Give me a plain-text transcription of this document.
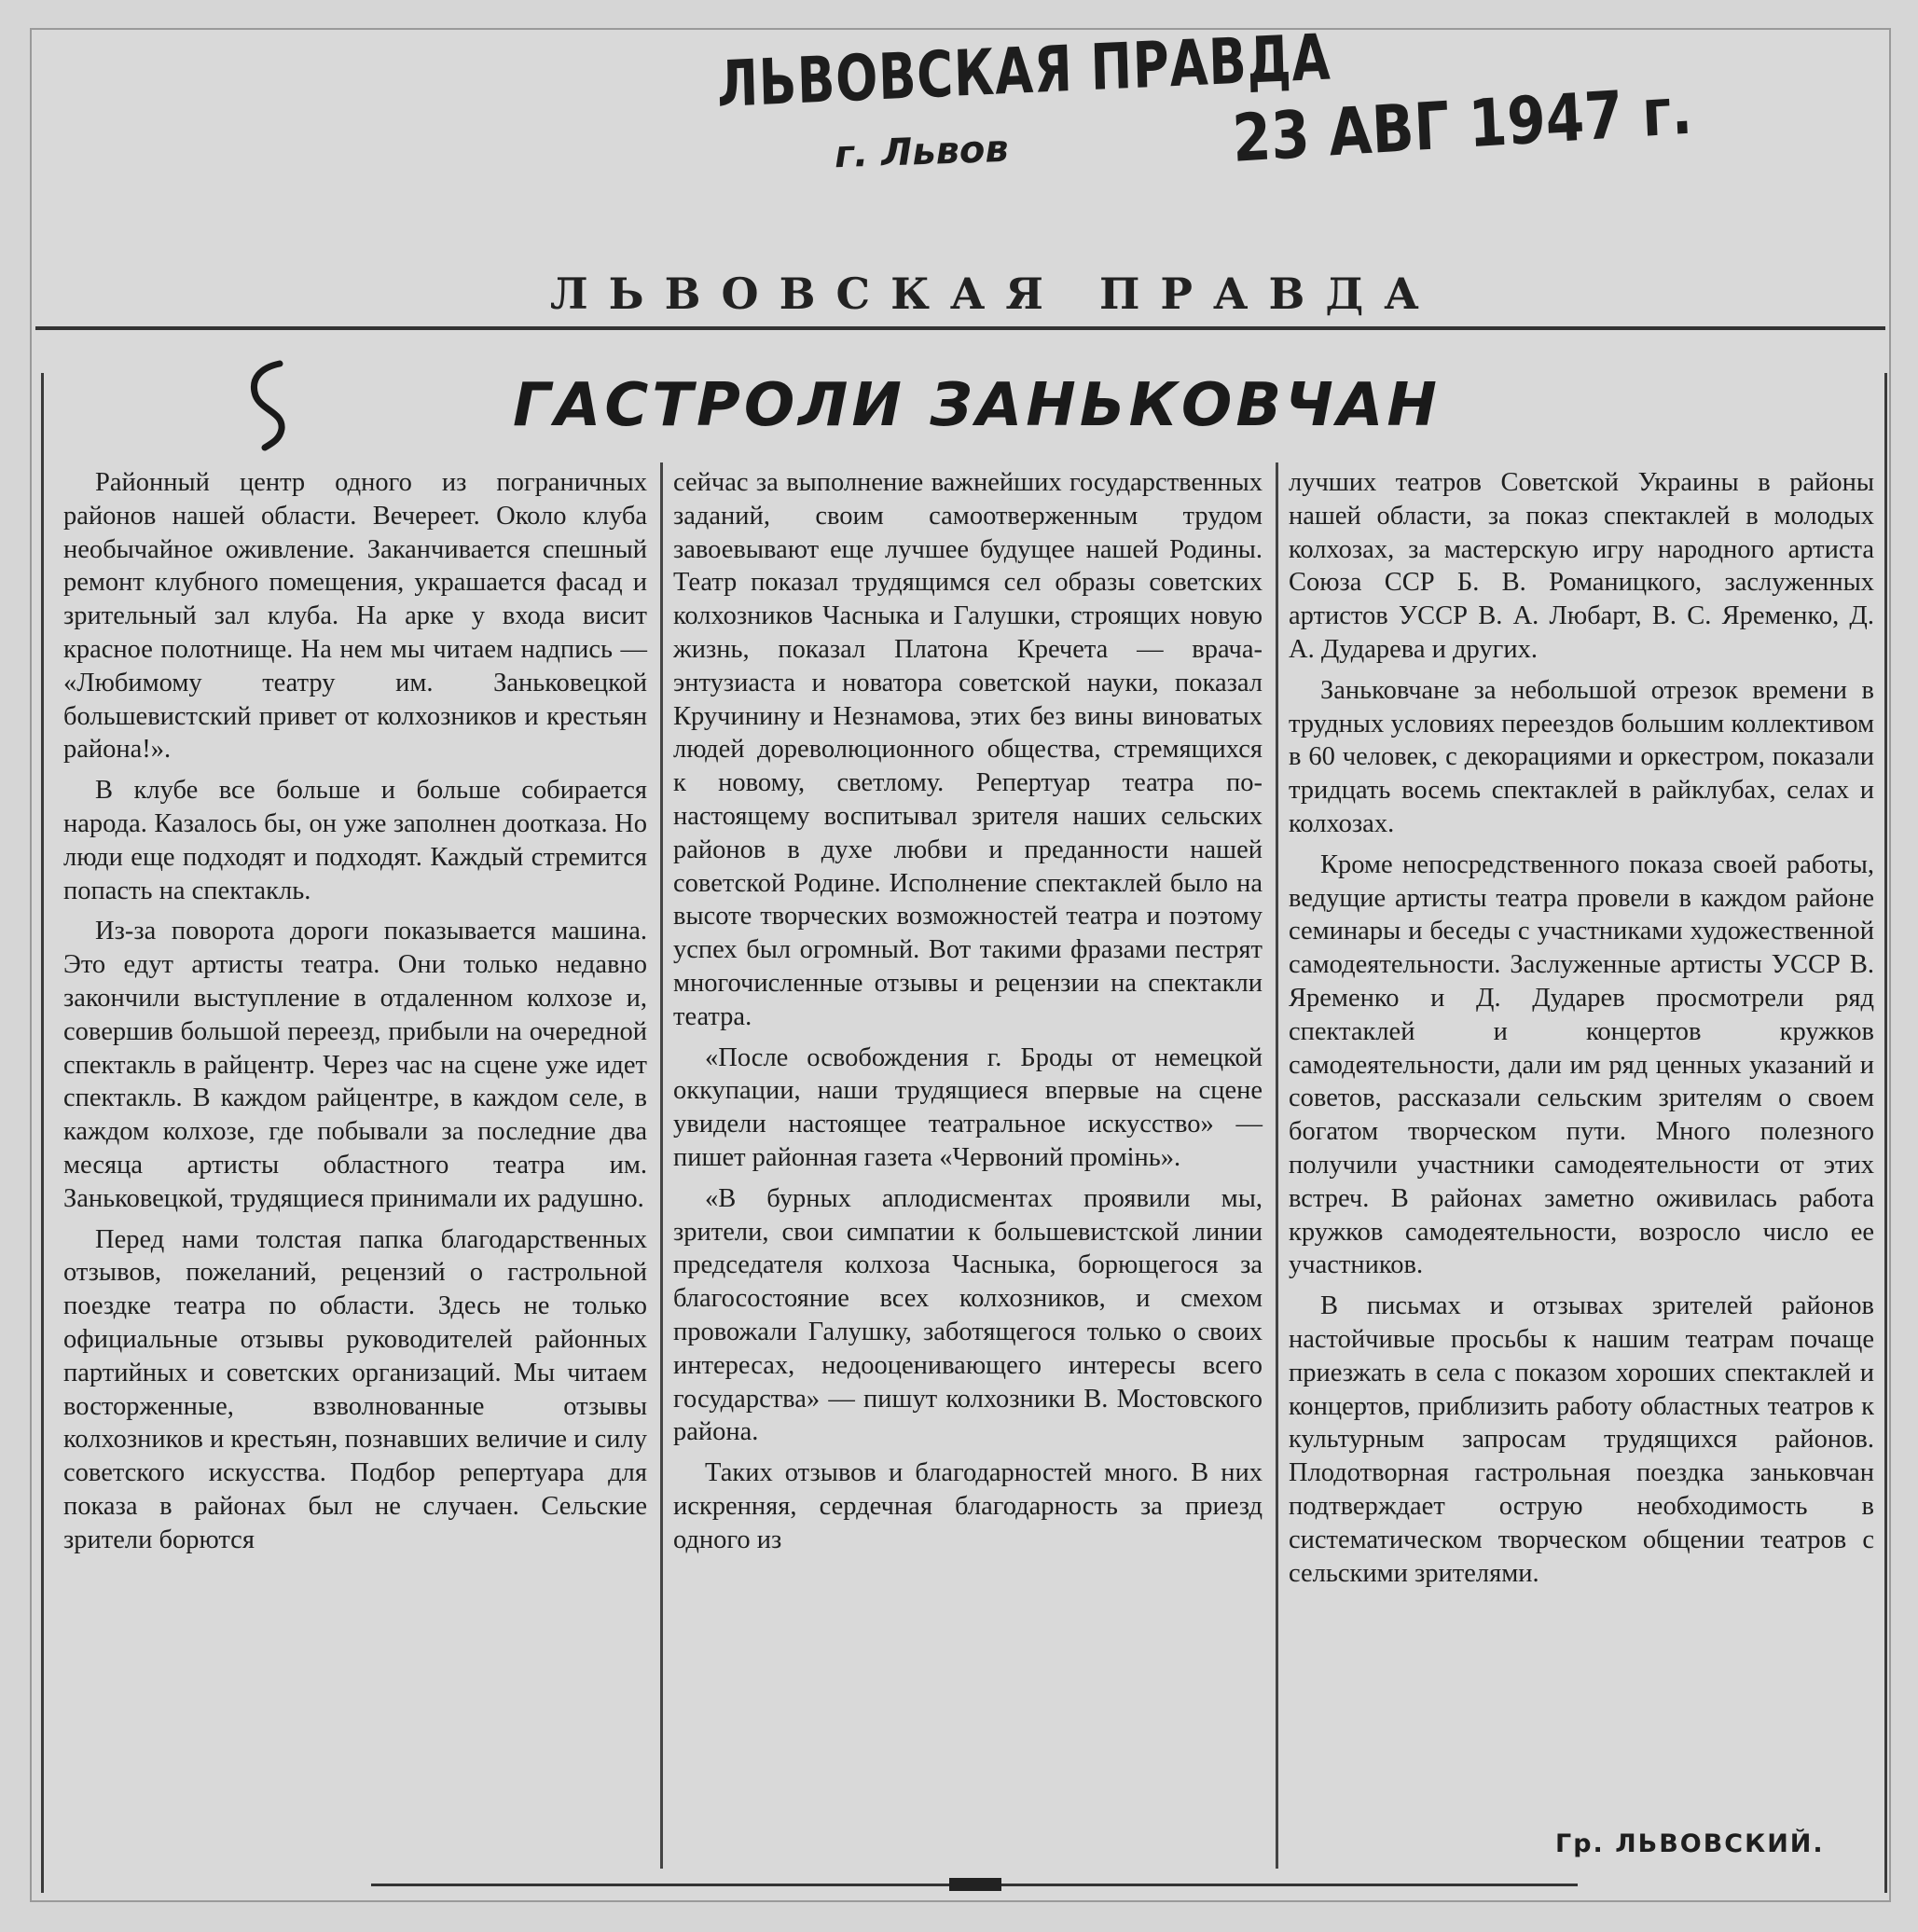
ЛЬВОВСКАЯ ПРАВДА
г. Львов	23 АВГ 1947 г.
ЛЬВОВСКАЯ ПРАВДА
ГАСТРОЛИ ЗАНЬКОВЧАН

Районный центр одного из пограничных районов нашей области. Вечереет. Около клуба необычайное оживление. Заканчивается спешный ремонт клубного помещения, украшается фасад и зрительный зал клуба. На арке у входа висит красное полотнище. На нем мы читаем надпись — «Любимому театру им. Заньковецкой большевистский привет от колхозников и крестьян района!».

В клубе все больше и больше собирается народа. Казалось бы, он уже заполнен доотказа. Но люди еще подходят и подходят. Каждый стремится попасть на спектакль.

Из-за поворота дороги показывается машина. Это едут артисты театра. Они только недавно закончили выступление в отдаленном колхозе и, совершив большой переезд, прибыли на очередной спектакль в райцентр. Через час на сцене уже идет спектакль. В каждом райцентре, в каждом селе, в каждом колхозе, где побывали за последние два месяца артисты областного театра им. Заньковецкой, трудящиеся принимали их радушно.

Перед нами толстая папка благодарственных отзывов, пожеланий, рецензий о гастрольной поездке театра по области. Здесь не только официальные отзывы руководителей районных партийных и советских организаций. Мы читаем восторженные, взволнованные отзывы колхозников и крестьян, познавших величие и силу советского искусства. Подбор репертуара для показа в районах был не случаен. Сельские зрители борются

сейчас за выполнение важнейших государственных заданий, своим самоотверженным трудом завоевывают еще лучшее будущее нашей Родины. Театр показал трудящимся сел образы советских колхозников Часныка и Галушки, строящих новую жизнь, показал Платона Кречета — врача-энтузиаста и новатора советской науки, показал Кручинину и Незнамова, этих без вины виноватых людей дореволюционного общества, стремящихся к новому, светлому. Репертуар театра по-настоящему воспитывал зрителя наших сельских районов в духе любви и преданности нашей советской Родине. Исполнение спектаклей было на высоте творческих возможностей театра и поэтому успех был огромный. Вот такими фразами пестрят многочисленные отзывы и рецензии на спектакли театра.

«После освобождения г. Броды от немецкой оккупации, наши трудящиеся впервые на сцене увидели настоящее театральное искусство» — пишет районная газета «Червоний промінь».

«В бурных аплодисментах проявили мы, зрители, свои симпатии к большевистской линии председателя колхоза Часныка, борющегося за благосостояние всех колхозников, и смехом провожали Галушку, заботящегося только о своих интересах, недооценивающего интересы всего государства» — пишут колхозники В. Мостовского района.

Таких отзывов и благодарностей много. В них искренняя, сердечная благодарность за приезд одного из

лучших театров Советской Украины в районы нашей области, за показ спектаклей в молодых колхозах, за мастерскую игру народного артиста Союза ССР Б. В. Романицкого, заслуженных артистов УССР В. А. Любарт, В. С. Яременко, Д. А. Дударева и других.

Заньковчане за небольшой отрезок времени в трудных условиях переездов большим коллективом в 60 человек, с декорациями и оркестром, показали тридцать восемь спектаклей в райклубах, селах и колхозах.

Кроме непосредственного показа своей работы, ведущие артисты театра провели в каждом районе семинары и беседы с участниками художественной самодеятельности. Заслуженные артисты УССР В. Яременко и Д. Дударев просмотрели ряд спектаклей и концертов кружков самодеятельности, дали им ряд ценных указаний и советов, рассказали сельским зрителям о своем богатом творческом пути. Много полезного получили участники самодеятельности от этих встреч. В районах заметно оживилась работа кружков самодеятельности, возросло число ее участников.

В письмах и отзывах зрителей районов настойчивые просьбы к нашим театрам почаще приезжать в села с показом хороших спектаклей и концертов, приблизить работу областных театров к культурным запросам трудящихся районов. Плодотворная гастрольная поездка заньковчан подтверждает острую необходимость в систематическом творческом общении театров с сельскими зрителями.

Гр. ЛЬВОВСКИЙ.
